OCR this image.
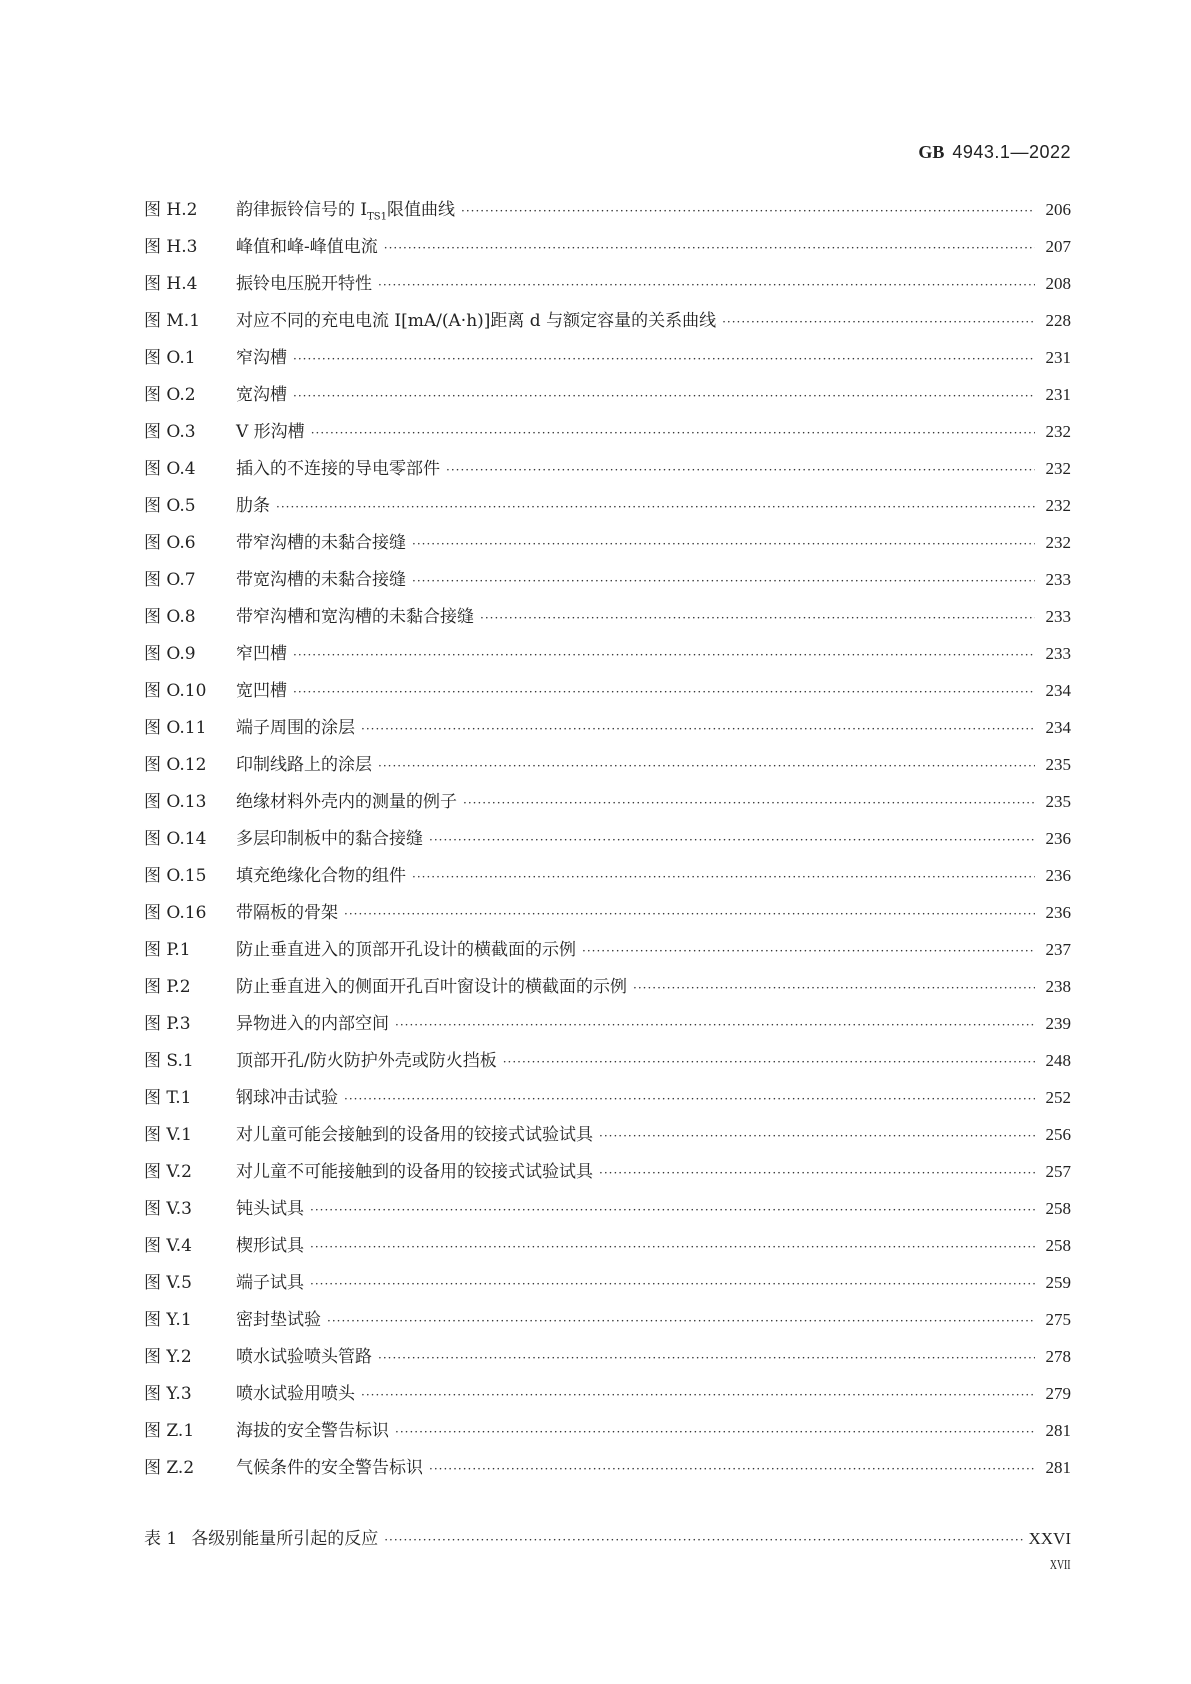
GB 4943.1—2022
图 H.2	韵律振铃信号的 $I_{TS1}$限值曲线 ·····	206
图 H.3	峰值和峰-峰值电流 ·····	207
图 H.4	振铃电压脱开特性 ·····	208
图 M.1	对应不同的充电电流 I[mA/(A·h)]距离 d 与额定容量的关系曲线 ·····	228
图 O.1	窄沟槽 ·····	231
图 O.2	宽沟槽 ·····	231
图 O.3	V 形沟槽 ·····	232
图 O.4	插入的不连接的导电零部件 ·····	232
图 O.5	肋条 ·····	232
图 O.6	带窄沟槽的未黏合接缝 ·····	232
图 O.7	带宽沟槽的未黏合接缝 ·····	233
图 O.8	带窄沟槽和宽沟槽的未黏合接缝 ·····	233
图 O.9	窄凹槽 ·····	233
图 O.10	宽凹槽 ·····	234
图 O.11	端子周围的涂层 ·····	234
图 O.12	印制线路上的涂层 ·····	235
图 O.13	绝缘材料外壳内的测量的例子 ·····	235
图 O.14	多层印制板中的黏合接缝 ·····	236
图 O.15	填充绝缘化合物的组件 ·····	236
图 O.16	带隔板的骨架 ·····	236
图 P.1	防止垂直进入的顶部开孔设计的横截面的示例 ·····	237
图 P.2	防止垂直进入的侧面开孔百叶窗设计的横截面的示例 ·····	238
图 P.3	异物进入的内部空间 ·····	239
图 S.1	顶部开孔/防火防护外壳或防火挡板 ·····	248
图 T.1	钢球冲击试验 ·····	252
图 V.1	对儿童可能会接触到的设备用的铰接式试验试具 ·····	256
图 V.2	对儿童不可能接触到的设备用的铰接式试验试具 ·····	257
图 V.3	钝头试具 ·····	258
图 V.4	楔形试具 ·····	258
图 V.5	端子试具 ·····	259
图 Y.1	密封垫试验 ·····	275
图 Y.2	喷水试验喷头管路 ·····	278
图 Y.3	喷水试验用喷头 ·····	279
图 Z.1	海拔的安全警告标识 ·····	281
图 Z.2	气候条件的安全警告标识 ·····	281
表 1 各级别能量所引起的反应 ·····	XXVI
XVII
